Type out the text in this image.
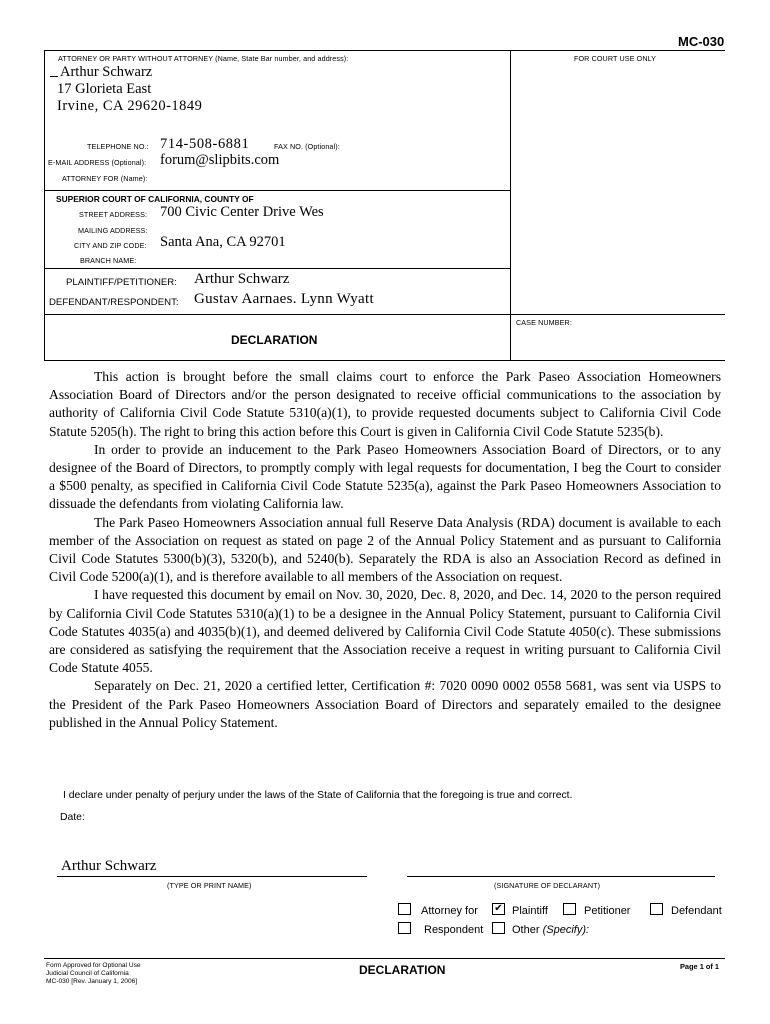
MC-030
ATTORNEY OR PARTY WITHOUT ATTORNEY (Name, State Bar number, and address):
Arthur Schwarz
17 Glorieta East
Irvine, CA 29620-1849
TELEPHONE NO.: 714-508-6881	FAX NO. (Optional):
E-MAIL ADDRESS (Optional): forum@slipbits.com
ATTORNEY FOR (Name):
FOR COURT USE ONLY
SUPERIOR COURT OF CALIFORNIA, COUNTY OF
STREET ADDRESS: 700 Civic Center Drive Wes
MAILING ADDRESS:
CITY AND ZIP CODE: Santa Ana, CA 92701
BRANCH NAME:
PLAINTIFF/PETITIONER: Arthur Schwarz
DEFENDANT/RESPONDENT: Gustav Aarnaes. Lynn Wyatt
CASE NUMBER:
DECLARATION

This action is brought before the small claims court to enforce the Park Paseo Association Homeowners Association Board of Directors and/or the person designated to receive official communications to the association by authority of California Civil Code Statute 5310(a)(1), to provide requested documents subject to California Civil Code Statute 5205(h). The right to bring this action before this Court is given in California Civil Code Statute 5235(b).

In order to provide an inducement to the Park Paseo Homeowners Association Board of Directors, or to any designee of the Board of Directors, to promptly comply with legal requests for documentation, I beg the Court to consider a $500 penalty, as specified in California Civil Code Statute 5235(a), against the Park Paseo Homeowners Association to dissuade the defendants from violating California law.

The Park Paseo Homeowners Association annual full Reserve Data Analysis (RDA) document is available to each member of the Association on request as stated on page 2 of the Annual Policy Statement and as pursuant to California Civil Code Statutes 5300(b)(3), 5320(b), and 5240(b). Separately the RDA is also an Association Record as defined in Civil Code 5200(a)(1), and is therefore available to all members of the Association on request.

I have requested this document by email on Nov. 30, 2020, Dec. 8, 2020, and Dec. 14, 2020 to the person required by California Civil Code Statutes 5310(a)(1) to be a designee in the Annual Policy Statement, pursuant to California Civil Code Statutes 4035(a) and 4035(b)(1), and deemed delivered by California Civil Code Statute 4050(c). These submissions are considered as satisfying the requirement that the Association receive a request in writing pursuant to California Civil Code Statute 4055.

Separately on Dec. 21, 2020 a certified letter, Certification #: 7020 0090 0002 0558 5681, was sent via USPS to the President of the Park Paseo Homeowners Association Board of Directors and separately emailed to the designee published in the Annual Policy Statement.

I declare under penalty of perjury under the laws of the State of California that the foregoing is true and correct.
Date:
Arthur Schwarz
(TYPE OR PRINT NAME)	(SIGNATURE OF DECLARANT)
Attorney for ✔ Plaintiff	Petitioner	Defendant
Respondent	Other (Specify):
Form Approved for Optional Use
Judicial Council of California
MC-030 [Rev. January 1, 2006]
DECLARATION	Page 1 of 1
